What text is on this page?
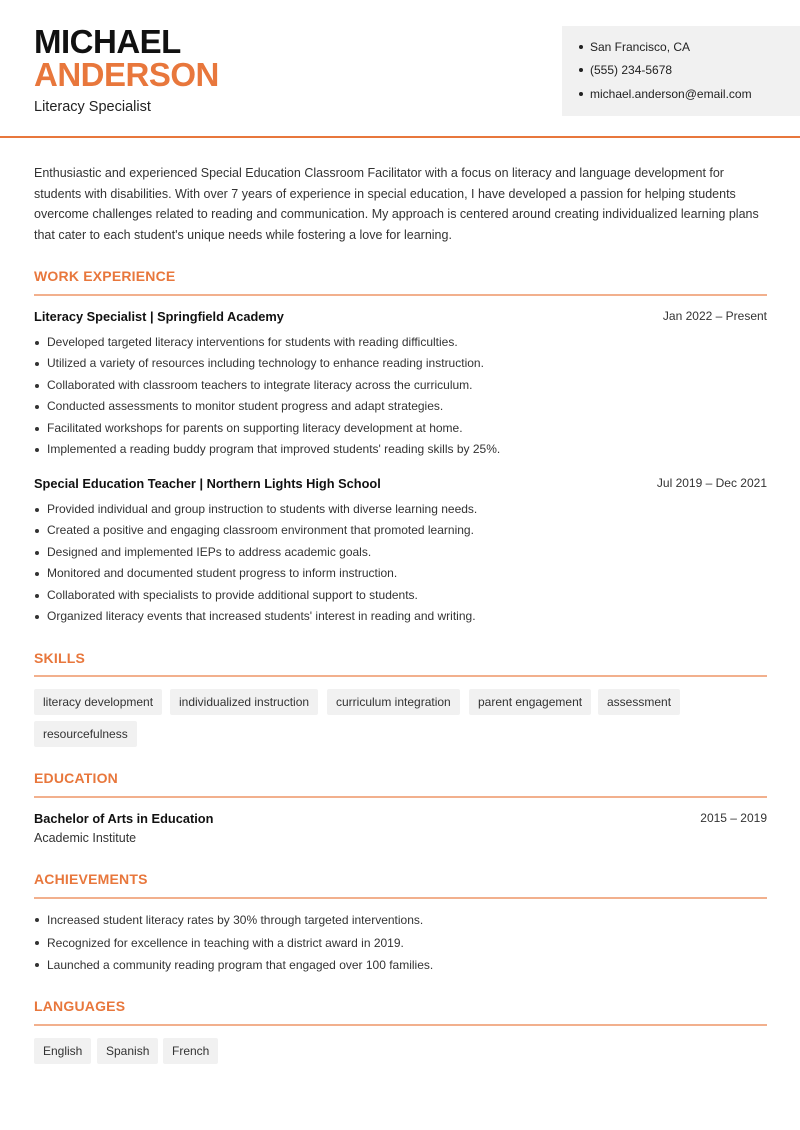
MICHAEL
ANDERSON
Literacy Specialist
San Francisco, CA
(555) 234-5678
michael.anderson@email.com
Enthusiastic and experienced Special Education Classroom Facilitator with a focus on literacy and language development for students with disabilities. With over 7 years of experience in special education, I have developed a passion for helping students overcome challenges related to reading and communication. My approach is centered around creating individualized learning plans that cater to each student's unique needs while fostering a love for learning.
WORK EXPERIENCE
Literacy Specialist | Springfield Academy	Jan 2022 – Present
Developed targeted literacy interventions for students with reading difficulties.
Utilized a variety of resources including technology to enhance reading instruction.
Collaborated with classroom teachers to integrate literacy across the curriculum.
Conducted assessments to monitor student progress and adapt strategies.
Facilitated workshops for parents on supporting literacy development at home.
Implemented a reading buddy program that improved students' reading skills by 25%.
Special Education Teacher | Northern Lights High School	Jul 2019 – Dec 2021
Provided individual and group instruction to students with diverse learning needs.
Created a positive and engaging classroom environment that promoted learning.
Designed and implemented IEPs to address academic goals.
Monitored and documented student progress to inform instruction.
Collaborated with specialists to provide additional support to students.
Organized literacy events that increased students' interest in reading and writing.
SKILLS
literacy development	individualized instruction	curriculum integration	parent engagement	assessment
resourcefulness
EDUCATION
Bachelor of Arts in Education	2015 – 2019
Academic Institute
ACHIEVEMENTS
Increased student literacy rates by 30% through targeted interventions.
Recognized for excellence in teaching with a district award in 2019.
Launched a community reading program that engaged over 100 families.
LANGUAGES
English	Spanish	French
